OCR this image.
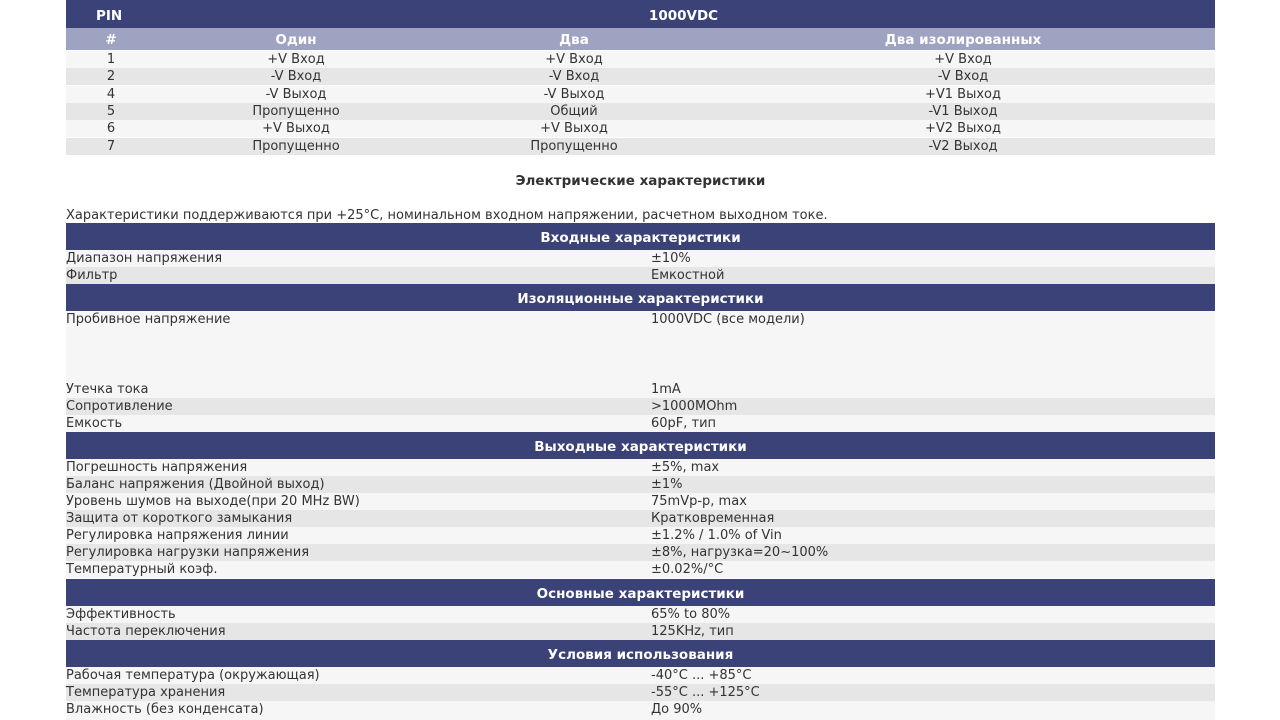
PIN	1000VDC
#	Один	Два	Два изолированных
1	+V Вход	+V Вход	+V Вход
2	-V Вход	-V Вход	-V Вход
4	-V Выход	-V Выход	+V1 Выход
5	Пропущенно	Общий	-V1 Выход
6	+V Выход	+V Выход	+V2 Выход
7	Пропущенно	Пропущенно	-V2 Выход
Электрические характеристики
Характеристики поддерживаются при +25°C, номинальном входном напряжении, расчетном выходном токе.
Входные характеристики
Диапазон напряжения	±10%
Фильтр	Емкостной
Изоляционные характеристики
Пробивное напряжение	1000VDC (все модели)
Утечка тока	1mA
Сопротивление	>1000MOhm
Емкость	60pF, тип
Выходные характеристики
Погрешность напряжения	±5%, max
Баланс напряжения (Двойной выход)	±1%
Уровень шумов на выходе(при 20 MHz BW)	75mVp-p, max
Защита от короткого замыкания	Кратковременная
Регулировка напряжения линии	±1.2% / 1.0% of Vin
Регулировка нагрузки напряжения	±8%, нагрузка=20~100%
Температурный коэф.	±0.02%/°C
Основные характеристики
Эффективность	65% to 80%
Частота переключения	125KHz, тип
Условия использования
Рабочая температура (окружающая)	-40°C ... +85°C
Температура хранения	-55°C ... +125°C
Влажность (без конденсата)	До 90%
